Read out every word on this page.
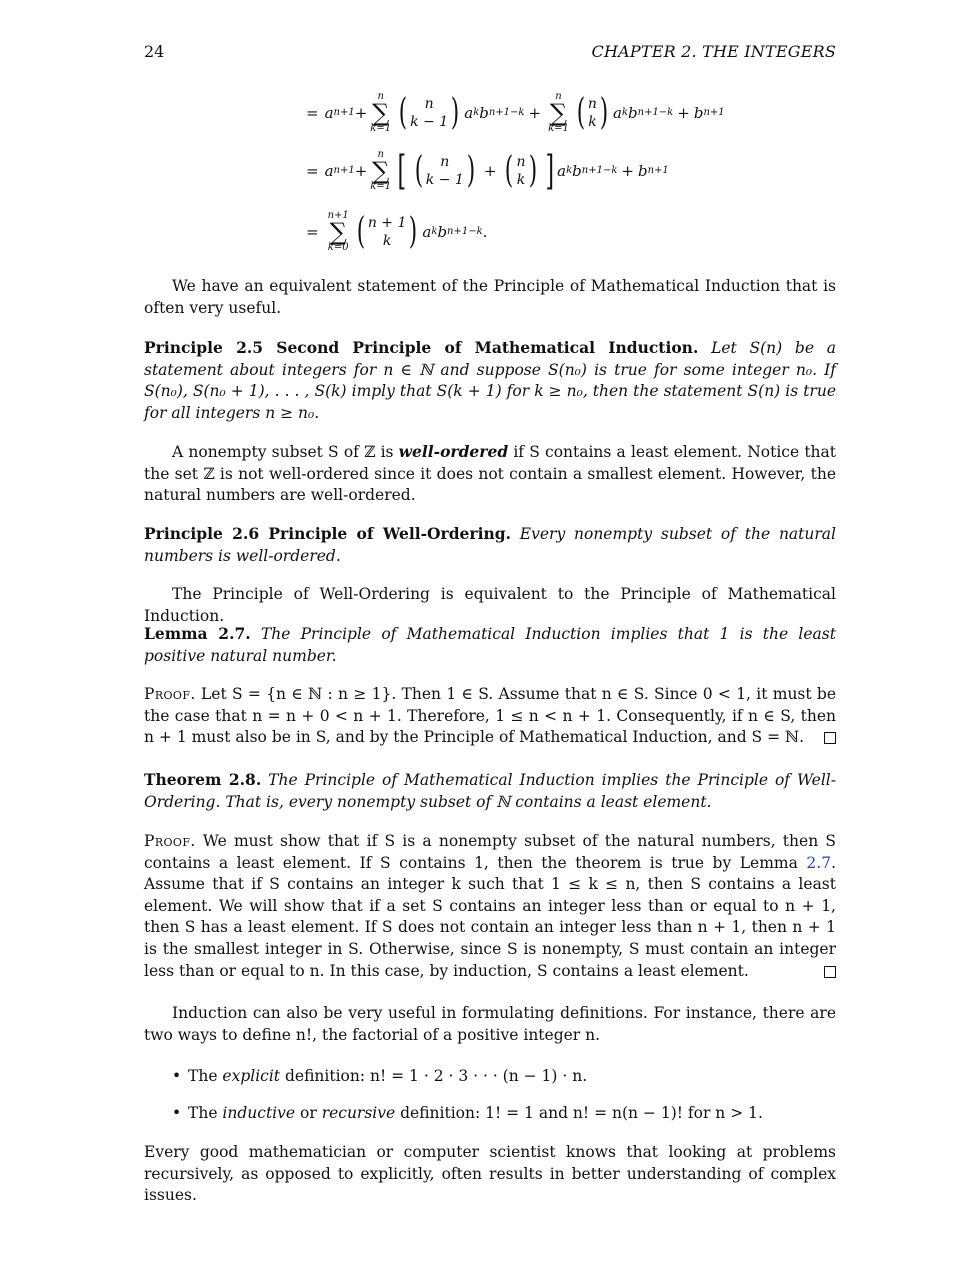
24	CHAPTER 2. THE INTEGERS
= a n+1 +
n
∑
k=1 ( n
k − 1 ) a k b n+1−k +
n
∑
k=1 ( n
k ) a k b n+1−k + b n+1
= a n+1 +
n
∑
k=1 [ ( n
k − 1 ) + ( n
k ) ] a k b n+1−k + b n+1
=
n+1
∑
k=0 ( n + 1
k ) a k b n+1−k .

We have an equivalent statement of the Principle of Mathematical Induction that is often very useful.

Principle 2.5 Second Principle of Mathematical Induction. Let S(n) be a statement about integers for n ∈ ℕ and suppose S(n₀) is true for some integer n₀. If S(n₀), S(n₀ + 1), . . . , S(k) imply that S(k + 1) for k ≥ n₀, then the statement S(n) is true for all integers n ≥ n₀.

A nonempty subset S of ℤ is well-ordered if S contains a least element. Notice that the set ℤ is not well-ordered since it does not contain a smallest element. However, the natural numbers are well-ordered.

Principle 2.6 Principle of Well-Ordering. Every nonempty subset of the natural numbers is well-ordered.

The Principle of Well-Ordering is equivalent to the Principle of Mathematical Induction.

Lemma 2.7. The Principle of Mathematical Induction implies that 1 is the least positive natural number.

Proof. Let S = {n ∈ ℕ : n ≥ 1}. Then 1 ∈ S. Assume that n ∈ S. Since 0 < 1, it must be the case that n = n + 0 < n + 1. Therefore, 1 ≤ n < n + 1. Consequently, if n ∈ S, then n + 1 must also be in S, and by the Principle of Mathematical Induction, and S = ℕ.

Theorem 2.8. The Principle of Mathematical Induction implies the Principle of Well-Ordering. That is, every nonempty subset of ℕ contains a least element.

Proof. We must show that if S is a nonempty subset of the natural numbers, then S contains a least element. If S contains 1, then the theorem is true by Lemma 2.7. Assume that if S contains an integer k such that 1 ≤ k ≤ n, then S contains a least element. We will show that if a set S contains an integer less than or equal to n + 1, then S has a least element. If S does not contain an integer less than n + 1, then n + 1 is the smallest integer in S. Otherwise, since S is nonempty, S must contain an integer less than or equal to n. In this case, by induction, S contains a least element.

Induction can also be very useful in formulating definitions. For instance, there are two ways to define n!, the factorial of a positive integer n.

• The explicit definition: n! = 1 · 2 · 3 · · · (n − 1) · n.
• The inductive or recursive definition: 1! = 1 and n! = n(n − 1)! for n > 1.

Every good mathematician or computer scientist knows that looking at problems recursively, as opposed to explicitly, often results in better understanding of complex issues.
